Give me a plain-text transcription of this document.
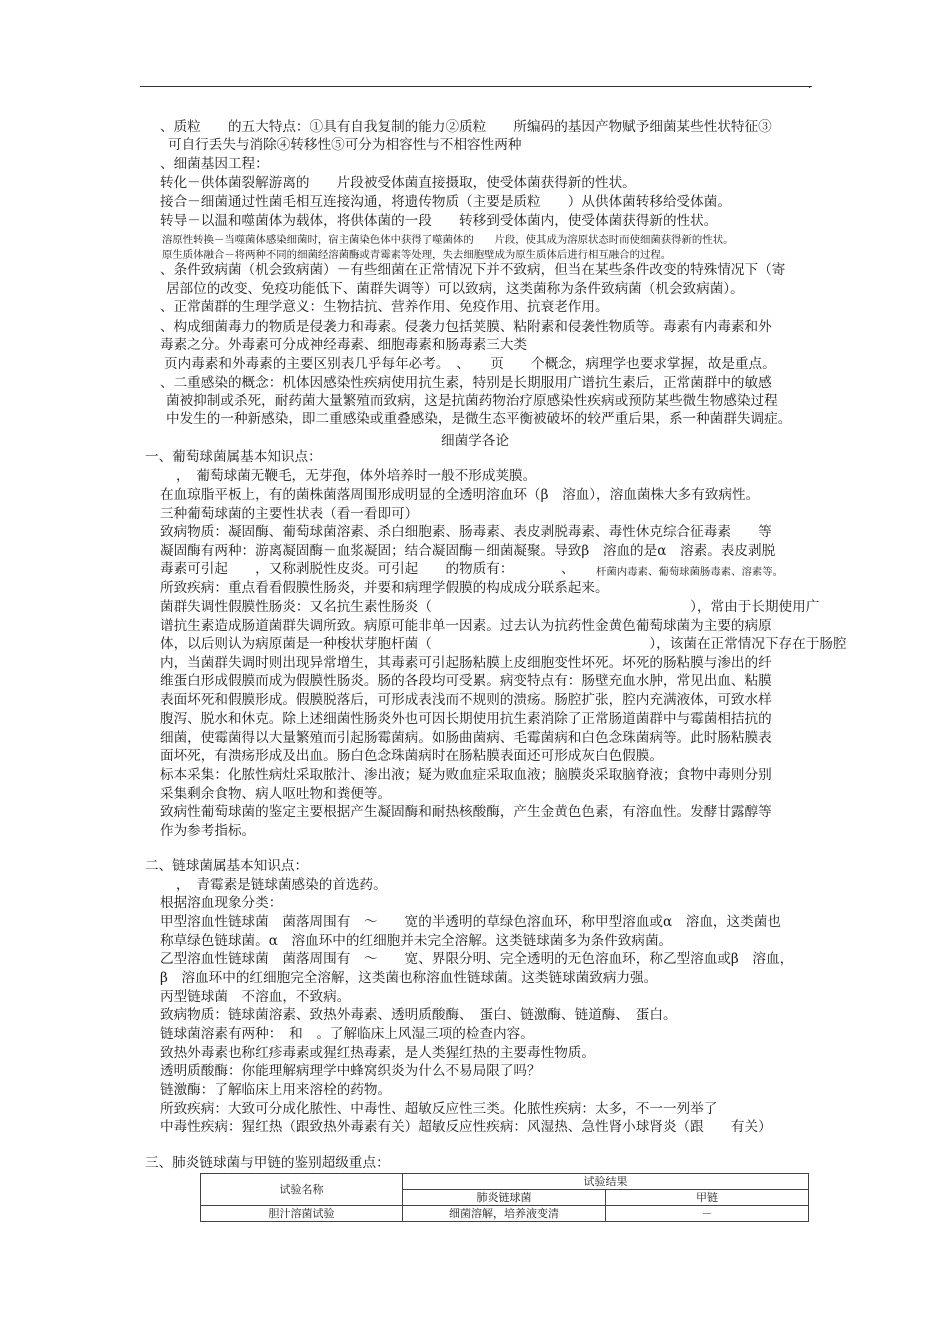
.
、质粒　　的五大特点：①具有自我复制的能力②质粒　　所编码的基因产物赋予细菌某些性状特征③
可自行丢失与消除④转移性⑤可分为相容性与不相容性两种
、细菌基因工程：
转化－供体菌裂解游离的　　片段被受体菌直接摄取，使受体菌获得新的性状。
接合－细菌通过性菌毛相互连接沟通，将遗传物质（主要是质粒　　）从供体菌转移给受体菌。
转导－以温和噬菌体为载体，将供体菌的一段　　转移到受体菌内，使受体菌获得新的性状。
溶原性转换－当噬菌体感染细菌时，宿主菌染色体中获得了噬菌体的　　片段，使其成为溶原状态时而使细菌获得新的性状。
原生质体融合－将两种不同的细菌经溶菌酶或青霉素等处理，失去细胞壁成为原生质体后进行相互融合的过程。
、条件致病菌（机会致病菌）－有些细菌在正常情况下并不致病，但当在某些条件改变的特殊情况下（寄
居部位的改变、免疫功能低下、菌群失调等）可以致病，这类菌称为条件致病菌（机会致病菌）。
、正常菌群的生理学意义：生物拮抗、营养作用、免疫作用、抗衰老作用。
、构成细菌毒力的物质是侵袭力和毒素。侵袭力包括荚膜、粘附素和侵袭性物质等。毒素有内毒素和外
毒素之分。外毒素可分成神经毒素、细胞毒素和肠毒素三大类
页内毒素和外毒素的主要区别表几乎每年必考。　、　　页　　个概念，病理学也要求掌握，故是重点。
、二重感染的概念：机体因感染性疾病使用抗生素，特别是长期服用广谱抗生素后，正常菌群中的敏感
菌被抑制或杀死，耐药菌大量繁殖而致病，这是抗菌药物治疗原感染性疾病或预防某些微生物感染过程
中发生的一种新感染，即二重感染或重叠感染，是微生态平衡被破坏的较严重后果，系一种菌群失调症。
细菌学各论
一、葡萄球菌属基本知识点：
，　葡萄球菌无鞭毛，无芽孢，体外培养时一般不形成荚膜。
在血琼脂平板上，有的菌株菌落周围形成明显的全透明溶血环（β　溶血），溶血菌株大多有致病性。
三种葡萄球菌的主要性状表（看一看即可）
致病物质：凝固酶、葡萄球菌溶素、杀白细胞素、肠毒素、表皮剥脱毒素、毒性休克综合征毒素　　等
凝固酶有两种：游离凝固酶－血浆凝固；结合凝固酶－细菌凝聚。导致β　溶血的是α　溶素。表皮剥脱
毒素可引起　　，又称剥脱性皮炎。可引起　　的物质有：　　　　、 杆菌内毒素、葡萄球菌肠毒素、溶素等。
所致疾病：重点看看假膜性肠炎，并要和病理学假膜的构成成分联系起来。
菌群失调性假膜性肠炎：又名抗生素性肠炎（　　　　　　　　　　　　　　　　　　　），常由于长期使用广
谱抗生素造成肠道菌群失调所致。病原可能非单一因素。过去认为抗药性金黄色葡萄球菌为主要的病原
体，以后则认为病原菌是一种梭状芽胞杆菌（　　　　　　　　　　　　　　　　），该菌在正常情况下存在于肠腔
内，当菌群失调时则出现异常增生，其毒素可引起肠粘膜上皮细胞变性坏死。坏死的肠粘膜与渗出的纤
维蛋白形成假膜而成为假膜性肠炎。肠的各段均可受累。病变特点有：肠壁充血水肿，常见出血、粘膜
表面坏死和假膜形成。假膜脱落后，可形成表浅而不规则的溃疡。肠腔扩张，腔内充满液体，可致水样
腹泻、脱水和休克。除上述细菌性肠炎外也可因长期使用抗生素消除了正常肠道菌群中与霉菌相拮抗的
细菌，使霉菌得以大量繁殖而引起肠霉菌病。如肠曲菌病、毛霉菌病和白色念珠菌病等。此时肠粘膜表
面坏死，有溃疡形成及出血。肠白色念珠菌病时在肠粘膜表面还可形成灰白色假膜。
标本采集：化脓性病灶采取脓汁、渗出液；疑为败血症采取血液；脑膜炎采取脑脊液；食物中毒则分别
采集剩余食物、病人呕吐物和粪便等。
致病性葡萄球菌的鉴定主要根据产生凝固酶和耐热核酸酶，产生金黄色色素，有溶血性。发酵甘露醇等
作为参考指标。
二、链球菌属基本知识点：
，　青霉素是链球菌感染的首选药。
根据溶血现象分类：
甲型溶血性链球菌　菌落周围有　～　　宽的半透明的草绿色溶血环，称甲型溶血或α　溶血，这类菌也
称草绿色链球菌。α　溶血环中的红细胞并未完全溶解。这类链球菌多为条件致病菌。
乙型溶血性链球菌　菌落周围有　～　　宽、界限分明、完全透明的无色溶血环，称乙型溶血或β　溶血，
β　溶血环中的红细胞完全溶解，这类菌也称溶血性链球菌。这类链球菌致病力强。
丙型链球菌　不溶血，不致病。
致病物质：链球菌溶素、致热外毒素、透明质酸酶、　蛋白、链激酶、链道酶、　蛋白。
链球菌溶素有两种：　和　。了解临床上风湿三项的检查内容。
致热外毒素也称红疹毒素或猩红热毒素，是人类猩红热的主要毒性物质。
透明质酸酶：你能理解病理学中蜂窝织炎为什么不易局限了吗？
链激酶：了解临床上用来溶栓的药物。
所致疾病：大致可分成化脓性、中毒性、超敏反应性三类。化脓性疾病：太多，不一一列举了
中毒性疾病：猩红热（跟致热外毒素有关）超敏反应性疾病：风湿热、急性肾小球肾炎（跟　　有关）
三、肺炎链球菌与甲链的鉴别超级重点：
试验名称	试验结果	
	肺炎链球菌	甲链
胆汁溶菌试验	细菌溶解，培养液变清	－
